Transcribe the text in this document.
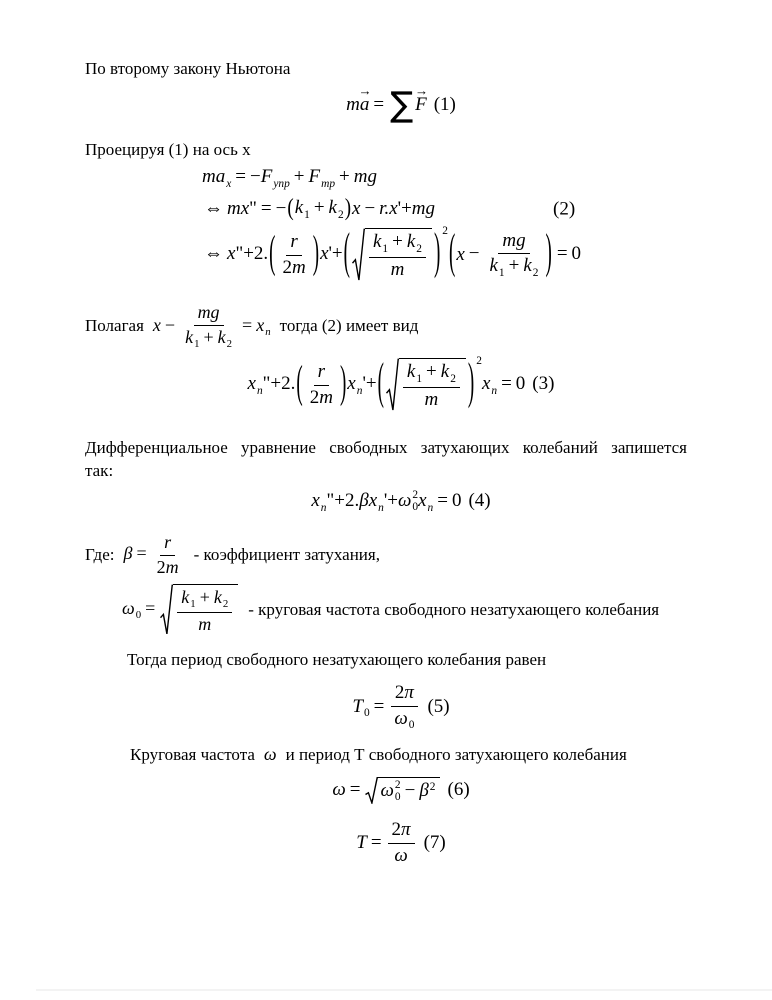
По второму закону Ньютона
m
→
a = ∑ →
F (1)
Проецируя (1) на ось x
$ma_x = -F_{упр} + F_{тр}$ + mg
⇔ mx" = − ( $k_1 + k_2$ ) x − r.x'+mg	(2)
⇔ x"+2. ( $\frac{r}{2m}$ ) x'+ ( $\frac{k_1 + k_2}{m}$ ) 2 ( $x - \frac{mg}{k_1 + k_2}$ ) = 0
Полагая $x - \frac{mg}{k_1 + k_2} = x_n$ тогда (2) имеет вид
$x_n"+2$. ( $\frac{r}{2m}$ ) $x_n'+$ ( $\frac{k_1 + k_2}{m}$ ) 2
$x_n = 0$ (3)
Дифференциальное уравнение свободных затухающих колебаний запишется
так:
$x_n"+2.\beta x_n'+\omega$ 2
0 $x_n = 0$ (4)
Где: $\beta = \frac{r}{2m}$ - коэффициент затухания,
$\omega_0 = \frac{k_1 + k_2}{m}$ - круговая частота свободного незатухающего колебания
Тогда период свободного незатухающего колебания равен
$T_0 = \frac{2\pi}{\omega_0} (5)$
Круговая частота ω и период Т свободного затухающего колебания
ω = ω 2
$0 - \beta^2$ (6)
$T = \frac{2\pi}{\omega} (7)$
